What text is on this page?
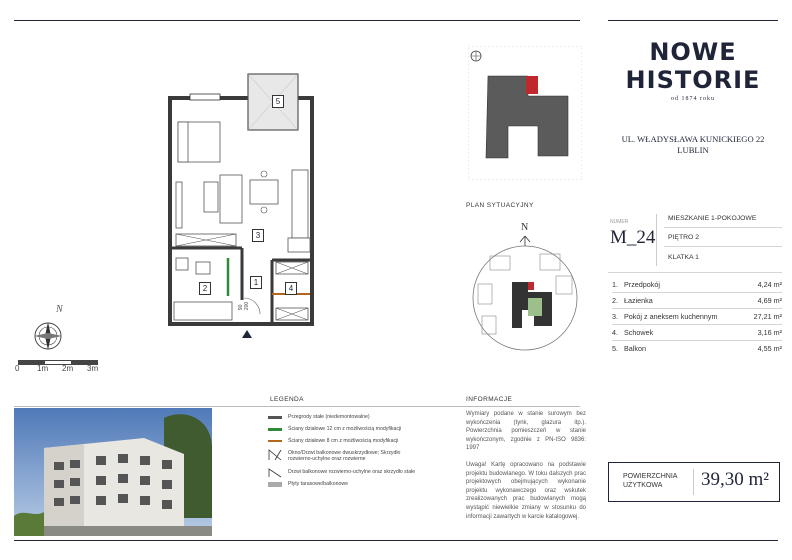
5
3
1
2	4
90
200
N
0 1m 2m 3m
NOWE
HISTORIE
od 1874 roku
UL. WŁADYSŁAWA KUNICKIEGO 22
LUBLIN
PLAN SYTUACYJNY
N	NUMER
M_24
MIESZKANIE 1-POKOJOWE
PIĘTRO 2
KLATKA 1
1. Przedpokój	4,24 m²
2. Łazienka	4,69 m²
3. Pokój z aneksem kuchennym	27,21 m²
4. Schowek	3,16 m²
5. Balkon	4,55 m²
POWIERZCHNIA
UŻYTKOWA 39,30 m²
LEGENDA
Przegrody stałe (niedemontowalne)
Ściany działowe 12 cm z możliwością modyfikacji
Ściany działowe 8 cm z możliwością modyfikacji
Okno/Drzwi balkonowe dwuskrzydłowe; Skrzydło rozwierno-uchylne oraz rozwierne
Drzwi balkonowe rozwierno-uchylne oraz skrzydło stałe
Płyty tarasowe/balkonowe
INFORMACJE
Wymiary podane w stanie surowym bez wykończenia (tynk, glazura itp.). Powierzchnia pomieszczeń w stanie wykończonym, zgodnie z PN-ISO 9836: 1997
Uwaga! Kartę opracowano na podstawie projektu budowlanego. W toku dalszych prac projektowych obejmujących wykonanie projektu wykonawczego oraz wskutek zrealizowanych prac budowlanych mogą wystąpić niewielkie zmiany w stosunku do informacji zawartych w karcie katalogowej.
